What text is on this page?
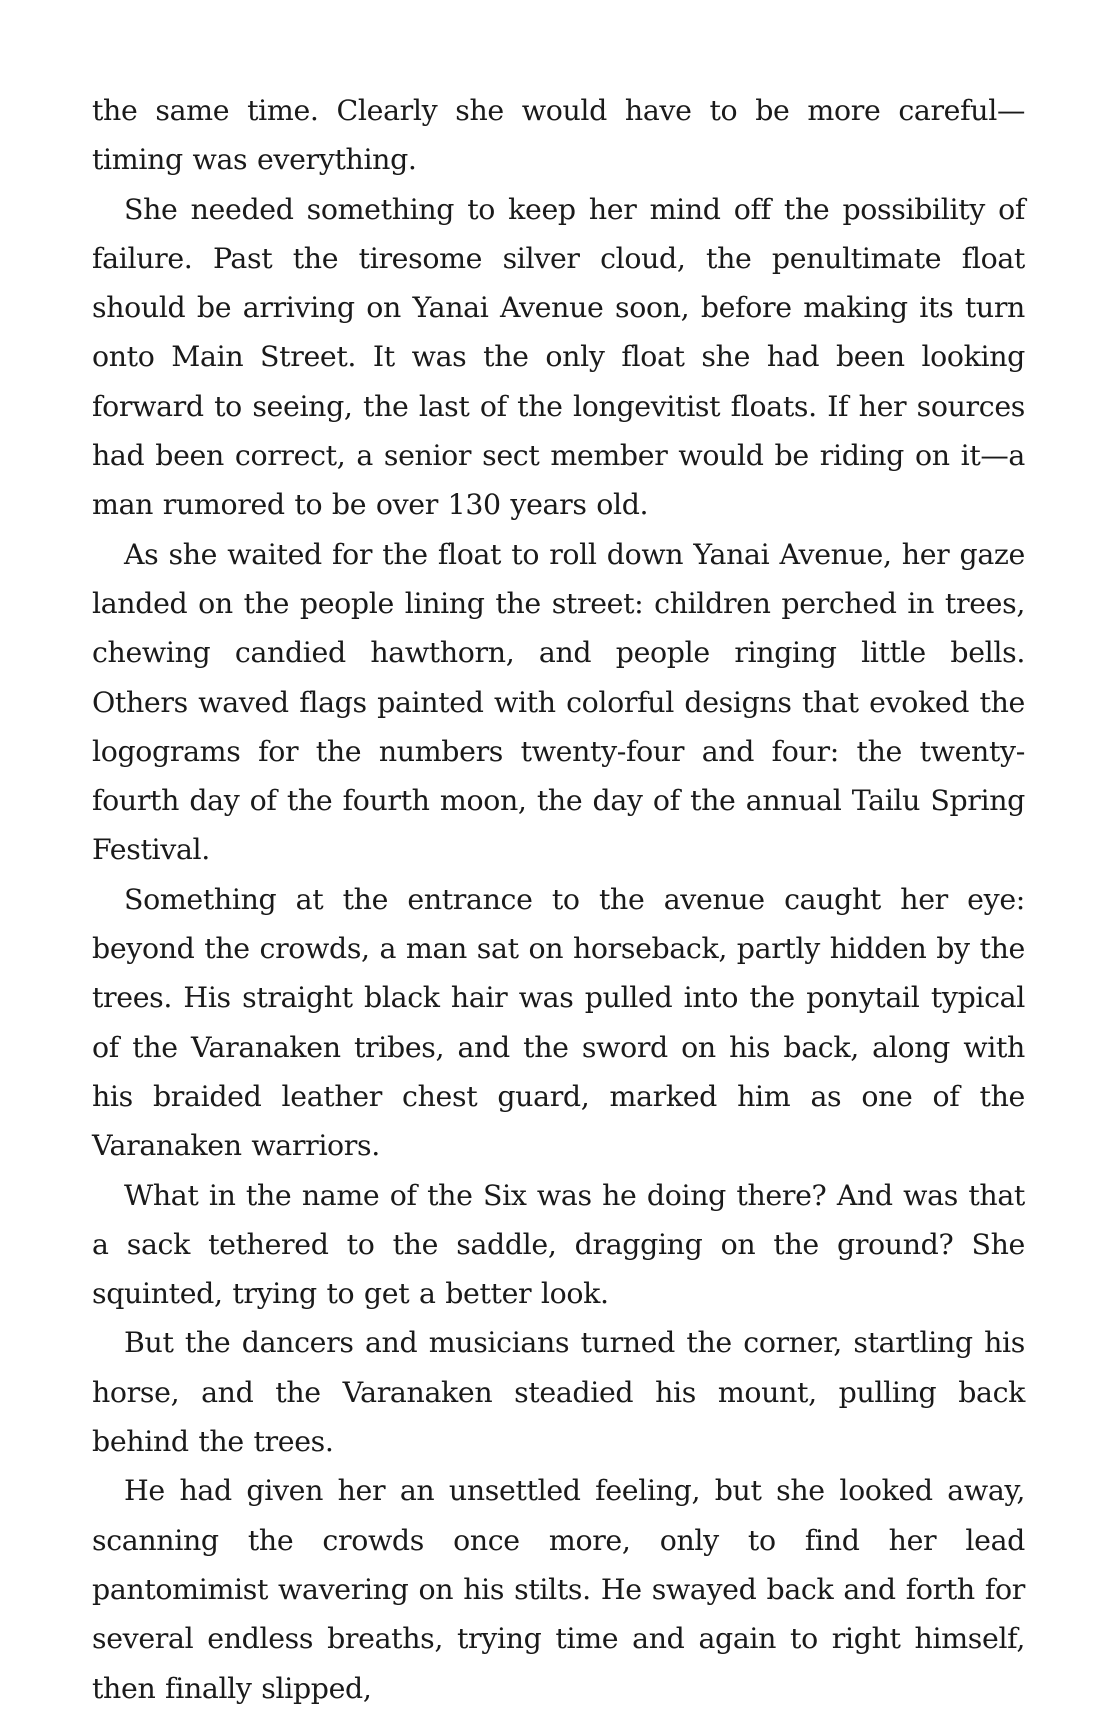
the same time. Clearly she would have to be more careful—timing was everything.

She needed something to keep her mind off the possibility of failure. Past the tiresome silver cloud, the penultimate float should be arriving on Yanai Avenue soon, before making its turn onto Main Street. It was the only float she had been looking forward to seeing, the last of the longevitist floats. If her sources had been correct, a senior sect member would be riding on it—a man rumored to be over 130 years old.

As she waited for the float to roll down Yanai Avenue, her gaze landed on the people lining the street: children perched in trees, chewing candied hawthorn, and people ringing little bells. Others waved flags painted with colorful designs that evoked the logograms for the numbers twenty-four and four: the twenty-fourth day of the fourth moon, the day of the annual Tailu Spring Festival.

Something at the entrance to the avenue caught her eye: beyond the crowds, a man sat on horseback, partly hidden by the trees. His straight black hair was pulled into the ponytail typical of the Varanaken tribes, and the sword on his back, along with his braided leather chest guard, marked him as one of the Varanaken warriors.

What in the name of the Six was he doing there? And was that a sack tethered to the saddle, dragging on the ground? She squinted, trying to get a better look.

But the dancers and musicians turned the corner, startling his horse, and the Varanaken steadied his mount, pulling back behind the trees.

He had given her an unsettled feeling, but she looked away, scanning the crowds once more, only to find her lead pantomimist wavering on his stilts. He swayed back and forth for several endless breaths, trying time and again to right himself, then finally slipped,
